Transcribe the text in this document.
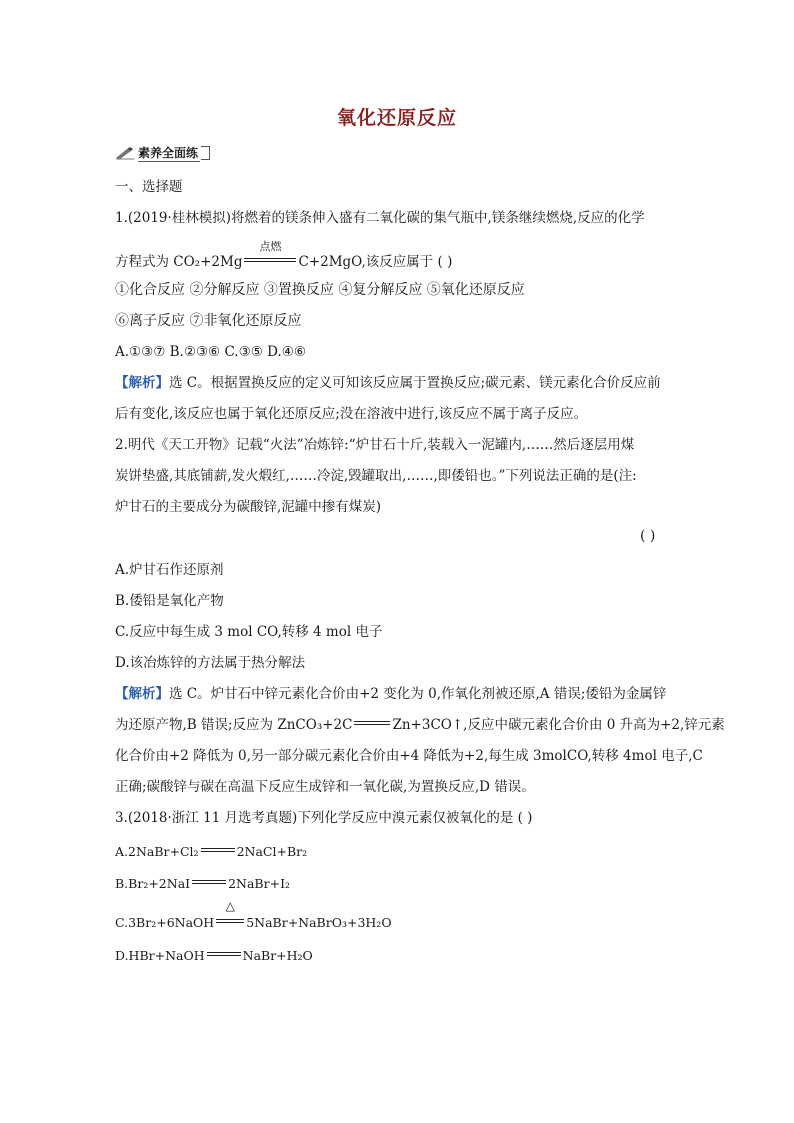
氧化还原反应
素养全面练
一、选择题
1.(2019·桂林模拟)将燃着的镁条伸入盛有二氧化碳的集气瓶中,镁条继续燃烧,反应的化学
方程式为 CO₂+2Mg
点燃
C+2MgO,该反应属于 ( )
①化合反应 ②分解反应 ③置换反应 ④复分解反应 ⑤氧化还原反应
⑥离子反应 ⑦非氧化还原反应
A.①③⑦ B.②③⑥ C.③⑤ D.④⑥
【解析】选 C。根据置换反应的定义可知该反应属于置换反应;碳元素、镁元素化合价反应前
后有变化,该反应也属于氧化还原反应;没在溶液中进行,该反应不属于离子反应。
2.明代《天工开物》记载“火法”冶炼锌:“炉甘石十斤,装载入一泥罐内,……然后逐层用煤
炭饼垫盛,其底铺薪,发火煅红,……冷淀,毁罐取出,……,即倭铅也。”下列说法正确的是(注:
炉甘石的主要成分为碳酸锌,泥罐中掺有煤炭)
( )
A.炉甘石作还原剂
B.倭铅是氧化产物
C.反应中每生成 3 mol CO,转移 4 mol 电子
D.该冶炼锌的方法属于热分解法
【解析】选 C。炉甘石中锌元素化合价由+2 变化为 0,作氧化剂被还原,A 错误;倭铅为金属锌
为还原产物,B 错误;反应为 ZnCO₃+2C	Zn+3CO↑,反应中碳元素化合价由 0 升高为+2,锌元素
化合价由+2 降低为 0,另一部分碳元素化合价由+4 降低为+2,每生成 3molCO,转移 4mol 电子,C
正确;碳酸锌与碳在高温下反应生成锌和一氧化碳,为置换反应,D 错误。
3.(2018·浙江 11 月选考真题)下列化学反应中溴元素仅被氧化的是 ( )
A.2NaBr+Cl₂	2NaCl+Br₂
B.Br₂+2NaI	2NaBr+I₂
C.3Br₂+6NaOH
△
5NaBr+NaBrO₃+3H₂O
D.HBr+NaOH	NaBr+H₂O
